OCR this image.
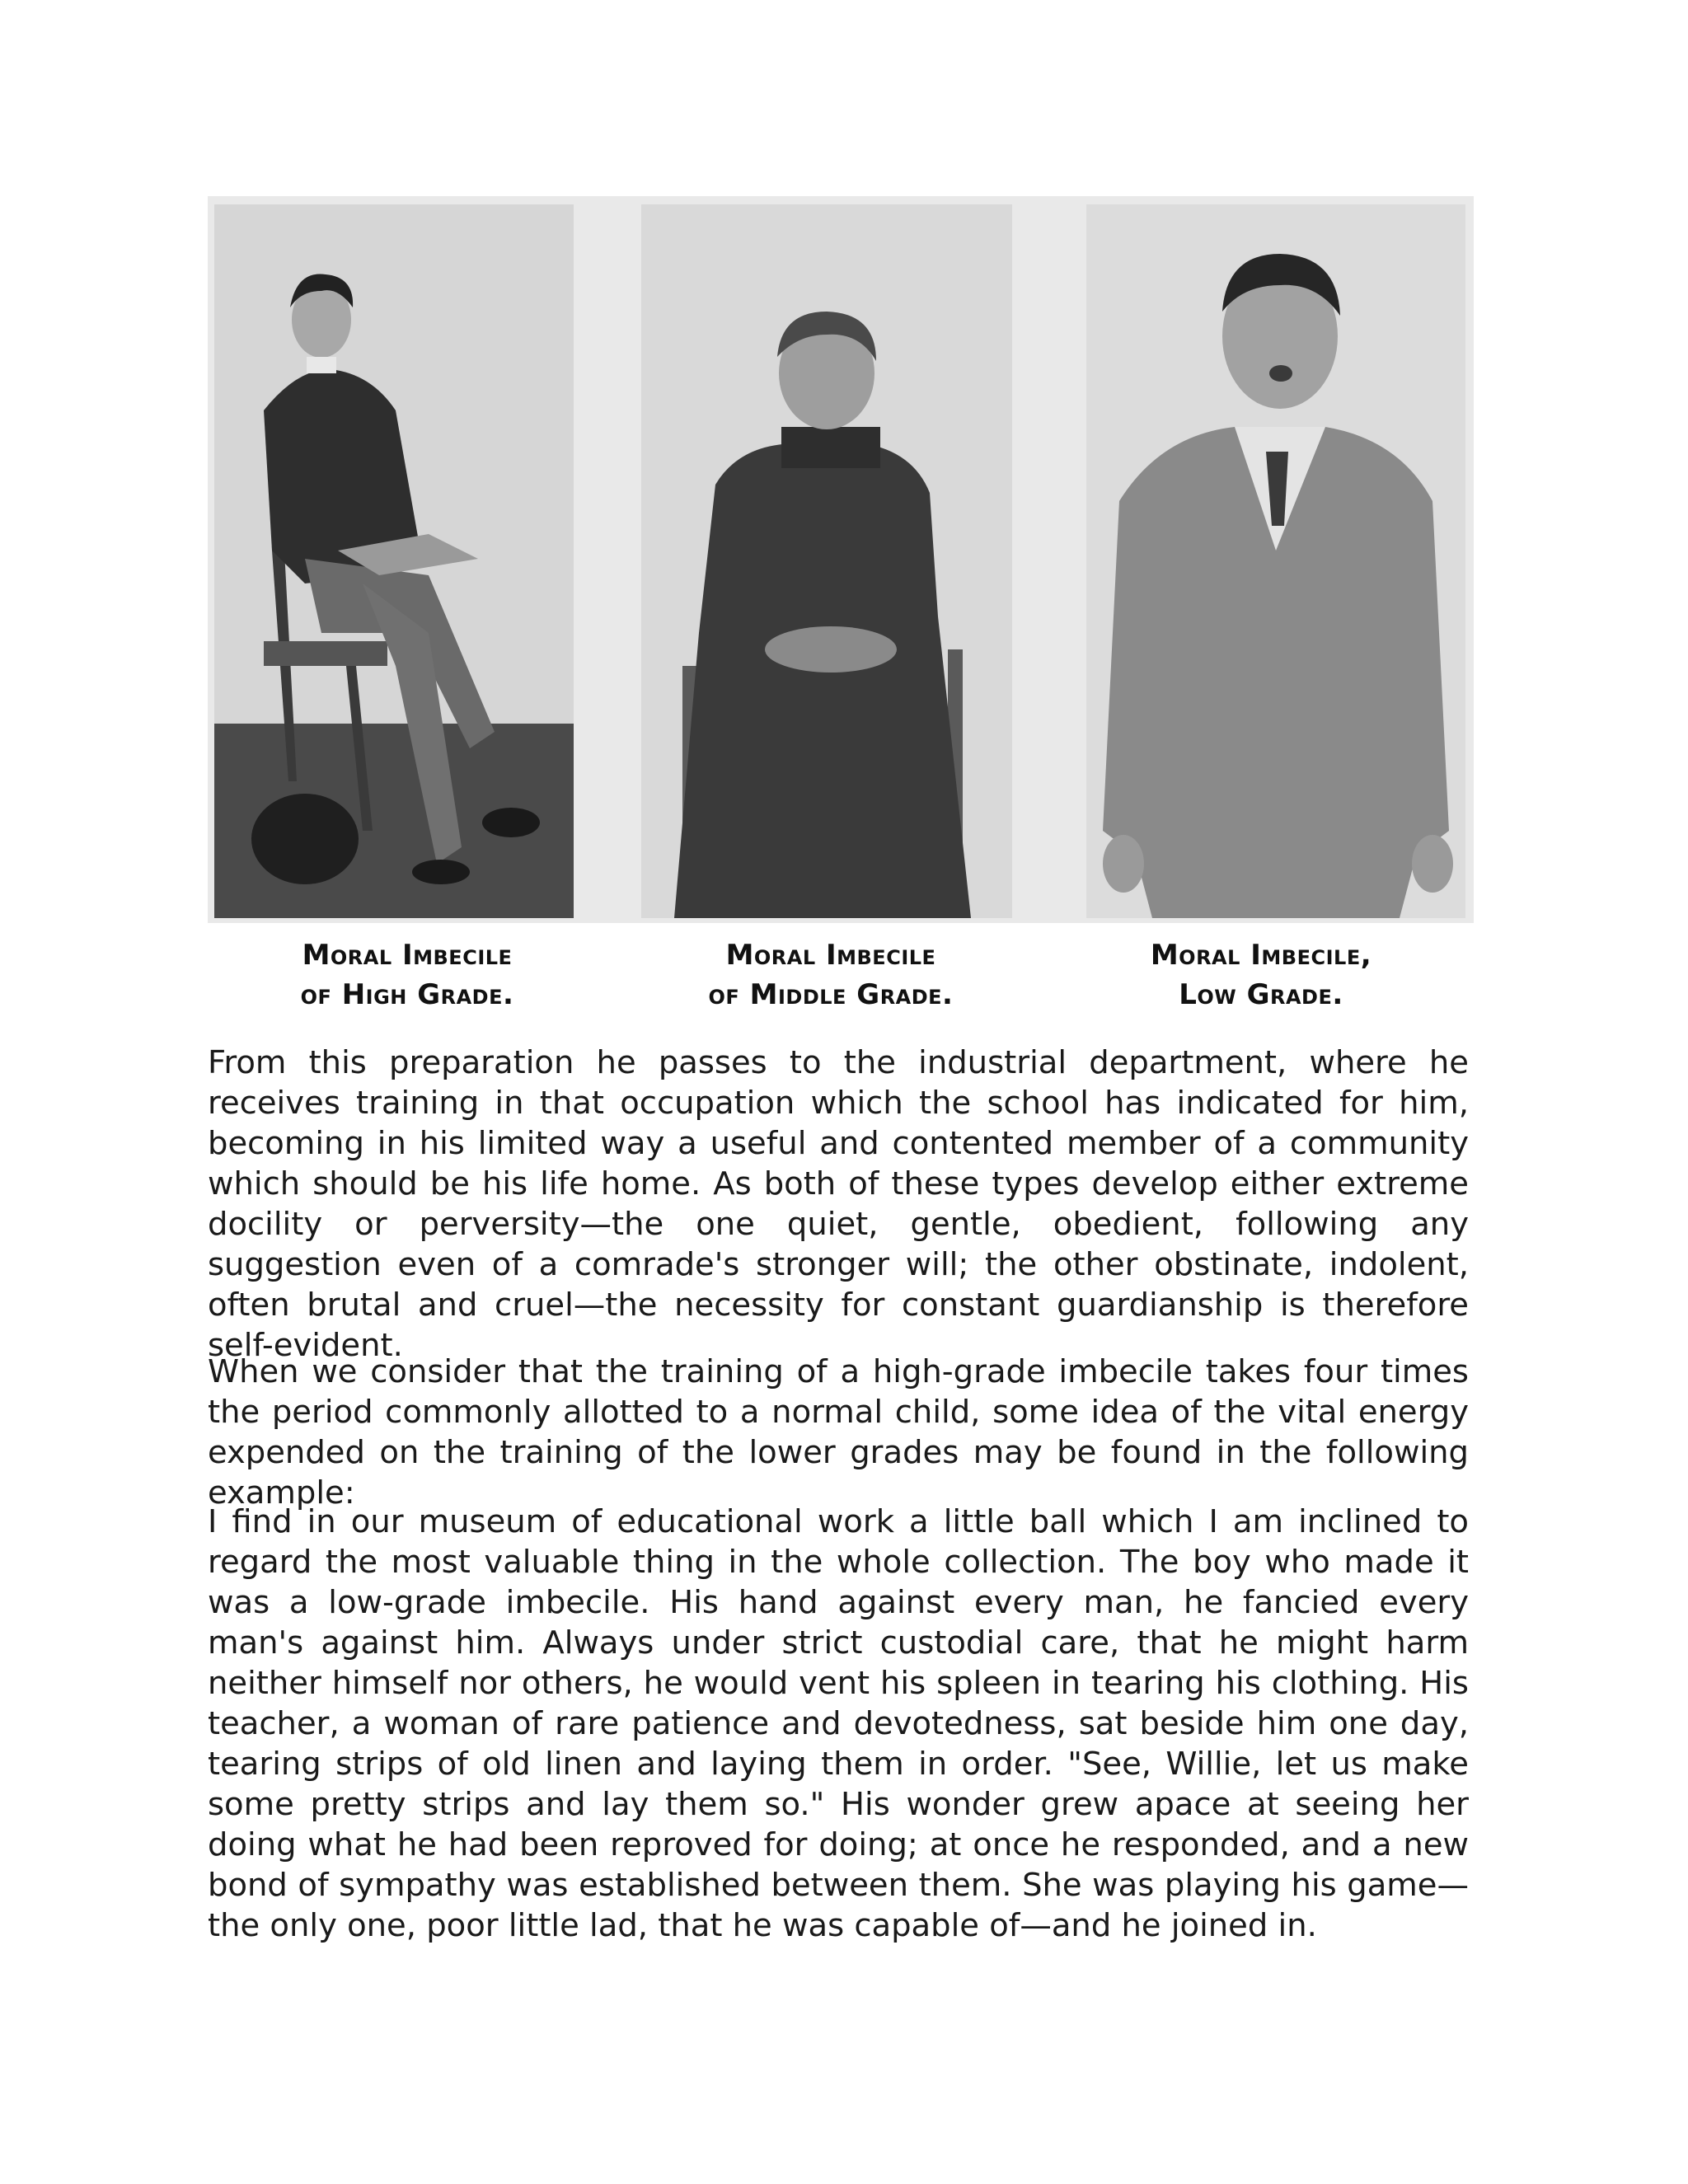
Moral Imbecile
of High Grade.
Moral Imbecile
of Middle Grade.
Moral Imbecile,
Low Grade.

From this preparation he passes to the industrial department, where he receives training in that occupation which the school has indicated for him, becoming in his limited way a useful and contented member of a community which should be his life home. As both of these types develop either extreme docility or perversity—the one quiet, gentle, obedient, following any suggestion even of a comrade's stronger will; the other obstinate, indolent, often brutal and cruel—the necessity for constant guardianship is therefore self-evident.

When we consider that the training of a high-grade imbecile takes four times the period commonly allotted to a normal child, some idea of the vital energy expended on the training of the lower grades may be found in the following example:

I find in our museum of educational work a little ball which I am inclined to regard the most valuable thing in the whole collection. The boy who made it was a low-grade imbecile. His hand against every man, he fancied every man's against him. Always under strict custodial care, that he might harm neither himself nor others, he would vent his spleen in tearing his clothing. His teacher, a woman of rare patience and devotedness, sat beside him one day, tearing strips of old linen and laying them in order. "See, Willie, let us make some pretty strips and lay them so." His wonder grew apace at seeing her doing what he had been reproved for doing; at once he responded, and a new bond of sympathy was established between them. She was playing his game—the only one, poor little lad, that he was capable of—and he joined in.
